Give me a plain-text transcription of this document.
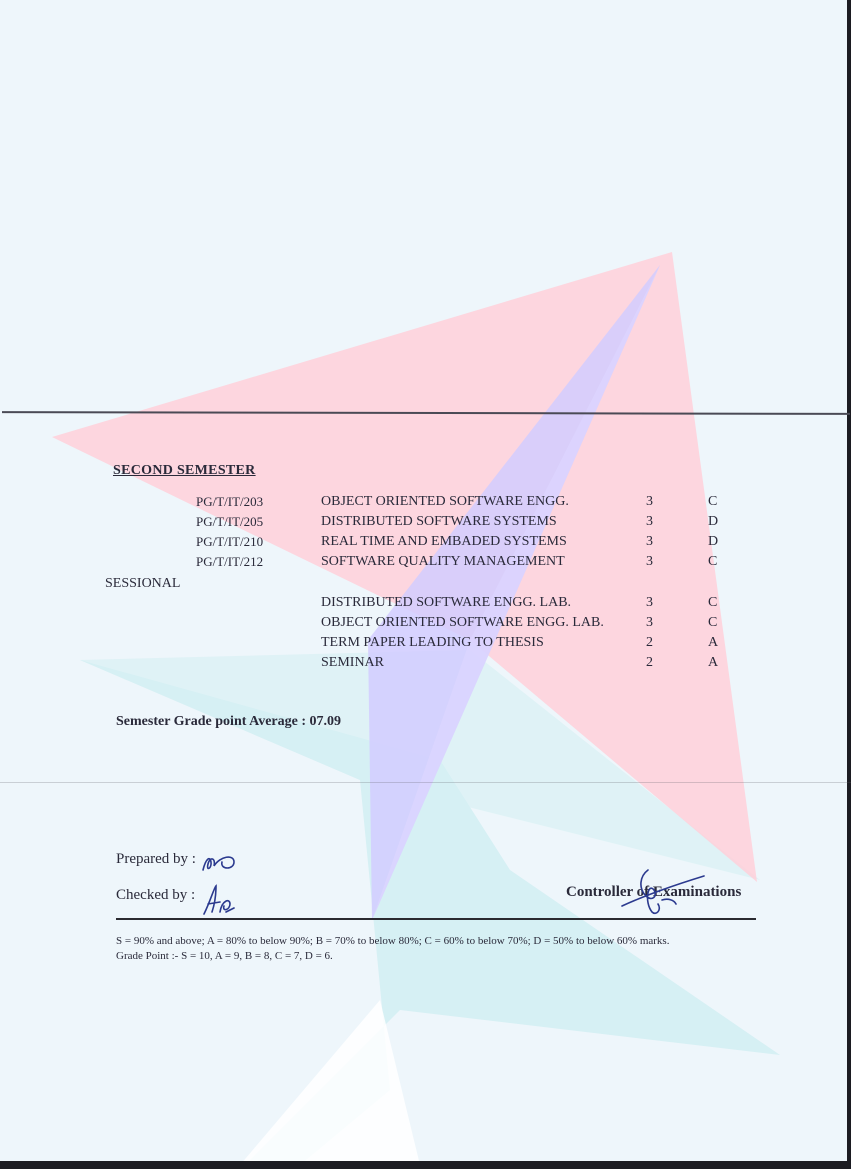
SECOND SEMESTER
PG/T/IT/203	OBJECT ORIENTED SOFTWARE ENGG.	3	C
PG/T/IT/205	DISTRIBUTED SOFTWARE SYSTEMS	3	D
PG/T/IT/210	REAL TIME AND EMBADED SYSTEMS	3	D
PG/T/IT/212	SOFTWARE QUALITY MANAGEMENT	3	C
SESSIONAL
DISTRIBUTED SOFTWARE ENGG. LAB.	3	C
OBJECT ORIENTED SOFTWARE ENGG. LAB.	3	C
TERM PAPER LEADING TO THESIS	2	A
SEMINAR	2	A
Semester Grade point Average : 07.09
Prepared by :
Checked by :	Controller of Examinations
S = 90% and above; A = 80% to below 90%; B = 70% to below 80%; C = 60% to below 70%; D = 50% to below 60% marks.
Grade Point :- S = 10, A = 9, B = 8, C = 7, D = 6.
